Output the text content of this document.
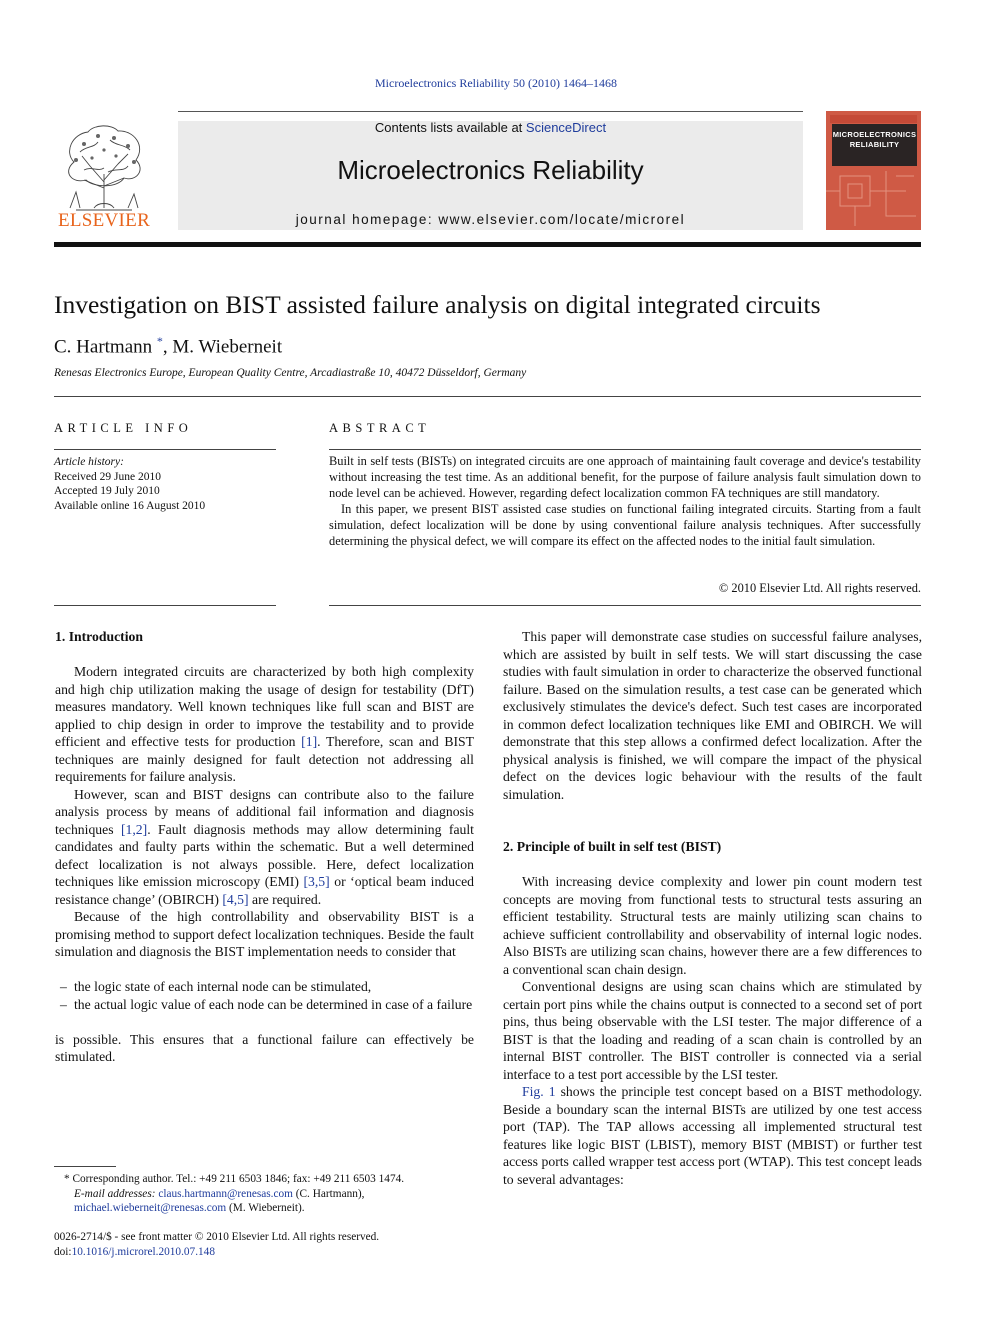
Microelectronics Reliability 50 (2010) 1464–1468
ELSEVIER
Contents lists available at ScienceDirect
Microelectronics Reliability
journal homepage: www.elsevier.com/locate/microrel
MICROELECTRONICS
RELIABILITY
Investigation on BIST assisted failure analysis on digital integrated circuits
C. Hartmann *, M. Wieberneit
Renesas Electronics Europe, European Quality Centre, Arcadiastraße 10, 40472 Düsseldorf, Germany
ARTICLE INFO
Article history:
Received 29 June 2010
Accepted 19 July 2010
Available online 16 August 2010
ABSTRACT

Built in self tests (BISTs) on integrated circuits are one approach of maintaining fault coverage and device's testability without increasing the test time. As an additional benefit, for the purpose of failure analysis fault simulation down to node level can be achieved. However, regarding defect localization common FA techniques are still mandatory.

In this paper, we present BIST assisted case studies on functional failing integrated circuits. Starting from a fault simulation, defect localization will be done by using conventional failure analysis techniques. After successfully determining the physical defect, we will compare its effect on the affected nodes to the initial fault simulation.

© 2010 Elsevier Ltd. All rights reserved.
1. Introduction

Modern integrated circuits are characterized by both high complexity and high chip utilization making the usage of design for testability (DfT) measures mandatory. Well known techniques like full scan and BIST are applied to chip design in order to improve the testability and to provide efficient and effective tests for production [1]. Therefore, scan and BIST techniques are mainly designed for fault detection not addressing all requirements for failure analysis.

However, scan and BIST designs can contribute also to the failure analysis process by means of additional fail information and diagnosis techniques [1,2]. Fault diagnosis methods may allow determining fault candidates and faulty parts within the schematic. But a well determined defect localization is not always possible. Here, defect localization techniques like emission microscopy (EMI) [3,5] or ‘optical beam induced resistance change’ (OBIRCH) [4,5] are required.

Because of the high controllability and observability BIST is a promising method to support defect localization techniques. Beside the fault simulation and diagnosis the BIST implementation needs to consider that

– the logic state of each internal node can be stimulated,
– the actual logic value of each node can be determined in case of a failure

is possible. This ensures that a functional failure can effectively be stimulated.

This paper will demonstrate case studies on successful failure analyses, which are assisted by built in self tests. We will start discussing the case studies with fault simulation in order to characterize the observed functional failure. Based on the simulation results, a test case can be generated which exclusively stimulates the device's defect. Such test cases are incorporated in common defect localization techniques like EMI and OBIRCH. We will demonstrate that this step allows a confirmed defect localization. After the physical analysis is finished, we will compare the impact of the physical defect on the devices logic behaviour with the results of the fault simulation.

2. Principle of built in self test (BIST)

With increasing device complexity and lower pin count modern test concepts are moving from functional tests to structural tests assuring an efficient testability. Structural tests are mainly utilizing scan chains to achieve sufficient controllability and observability of internal logic nodes. Also BISTs are utilizing scan chains, however there are a few differences to a conventional scan chain design.

Conventional designs are using scan chains which are stimulated by certain port pins while the chains output is connected to a second set of port pins, thus being observable with the LSI tester. The major difference of a BIST is that the loading and reading of a scan chain is controlled by an internal BIST controller. The BIST controller is connected via a serial interface to a test port accessible by the LSI tester.

Fig. 1 shows the principle test concept based on a BIST methodology. Beside a boundary scan the internal BISTs are utilized by one test access port (TAP). The TAP allows accessing all implemented structural test features like logic BIST (LBIST), memory BIST (MBIST) or further test access ports called wrapper test access port (WTAP). This test concept leads to several advantages:

* Corresponding author. Tel.: +49 211 6503 1846; fax: +49 211 6503 1474.
E-mail addresses: claus.hartmann@renesas.com (C. Hartmann), michael.wieberneit@renesas.com (M. Wieberneit).
0026-2714/$ - see front matter © 2010 Elsevier Ltd. All rights reserved.
doi:10.1016/j.microrel.2010.07.148
